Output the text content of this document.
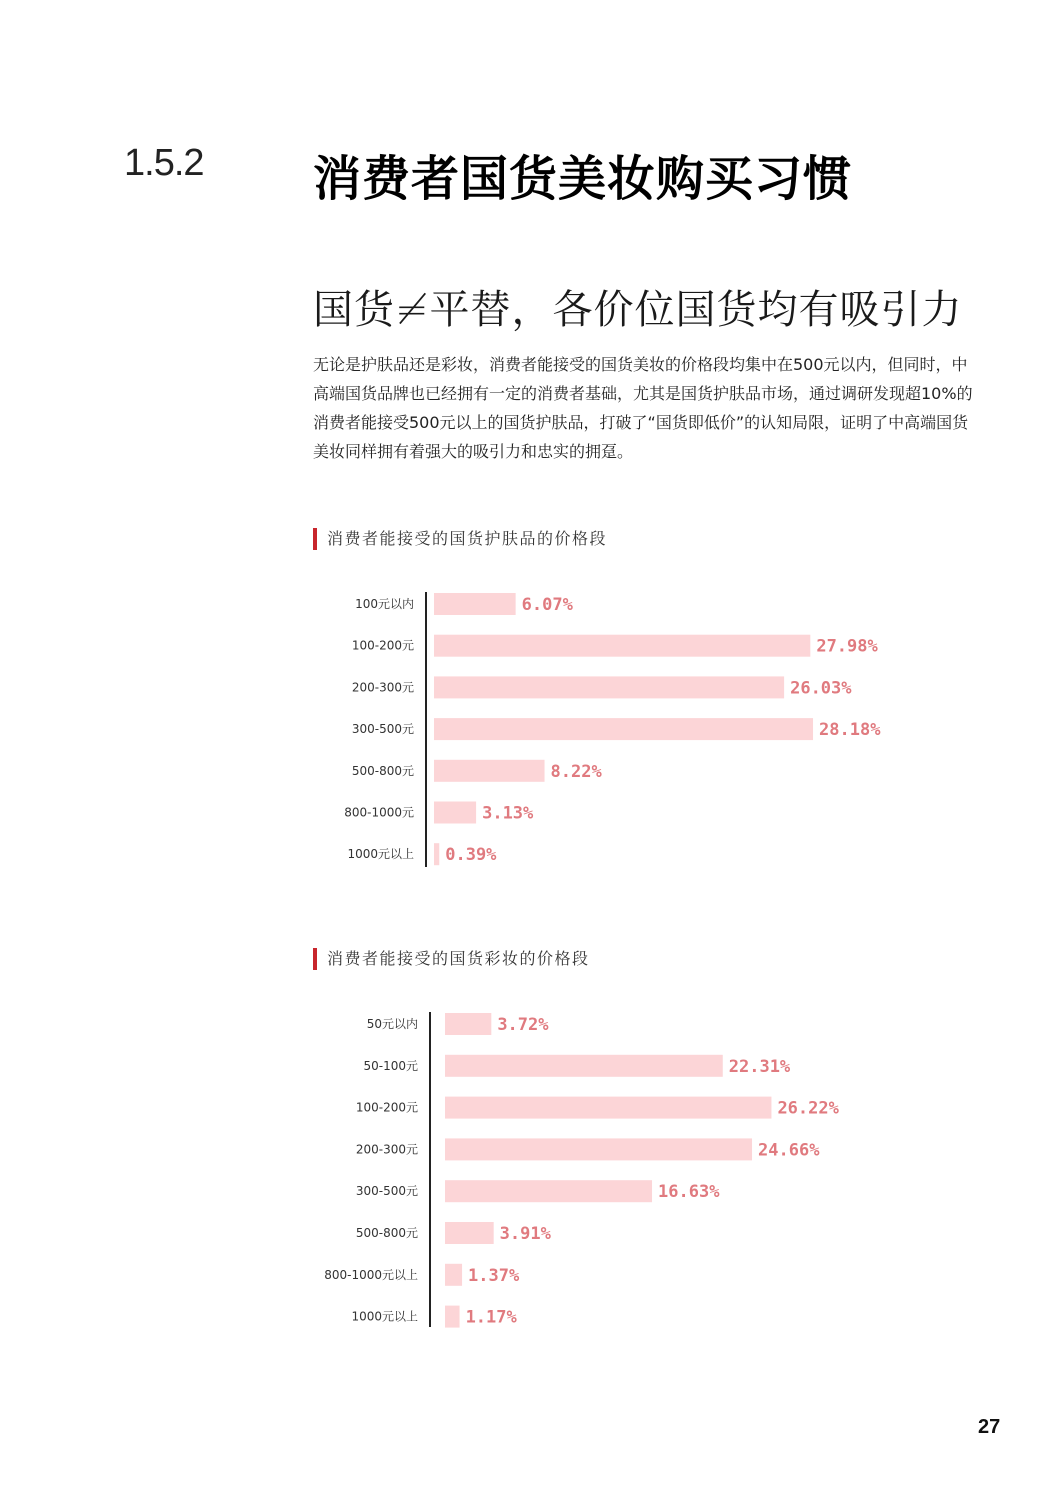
1.5.2 消费者国货美妆购买习惯
国货≠平替，各价位国货均有吸引力

无论是护肤品还是彩妆，消费者能接受的国货美妆的价格段均集中在500元以内，但同时，中高端国货品牌也已经拥有一定的消费者基础，尤其是国货护肤品市场，通过调研发现超10%的消费者能接受500元以上的国货护肤品，打破了“国货即低价”的认知局限，证明了中高端国货美妆同样拥有着强大的吸引力和忠实的拥趸。

消费者能接受的国货护肤品的价格段
100元以内	6.07%
100-200元	27.98%
200-300元	26.03%
300-500元	28.18%
500-800元	8.22%
800-1000元	3.13%
1000元以上 0.39%
消费者能接受的国货彩妆的价格段
50元以内	3.72%
50-100元	22.31%
100-200元	26.22%
200-300元	24.66%
300-500元	16.63%
500-800元	3.91%
800-1000元以上	1.37%
1000元以上	1.17%
27
